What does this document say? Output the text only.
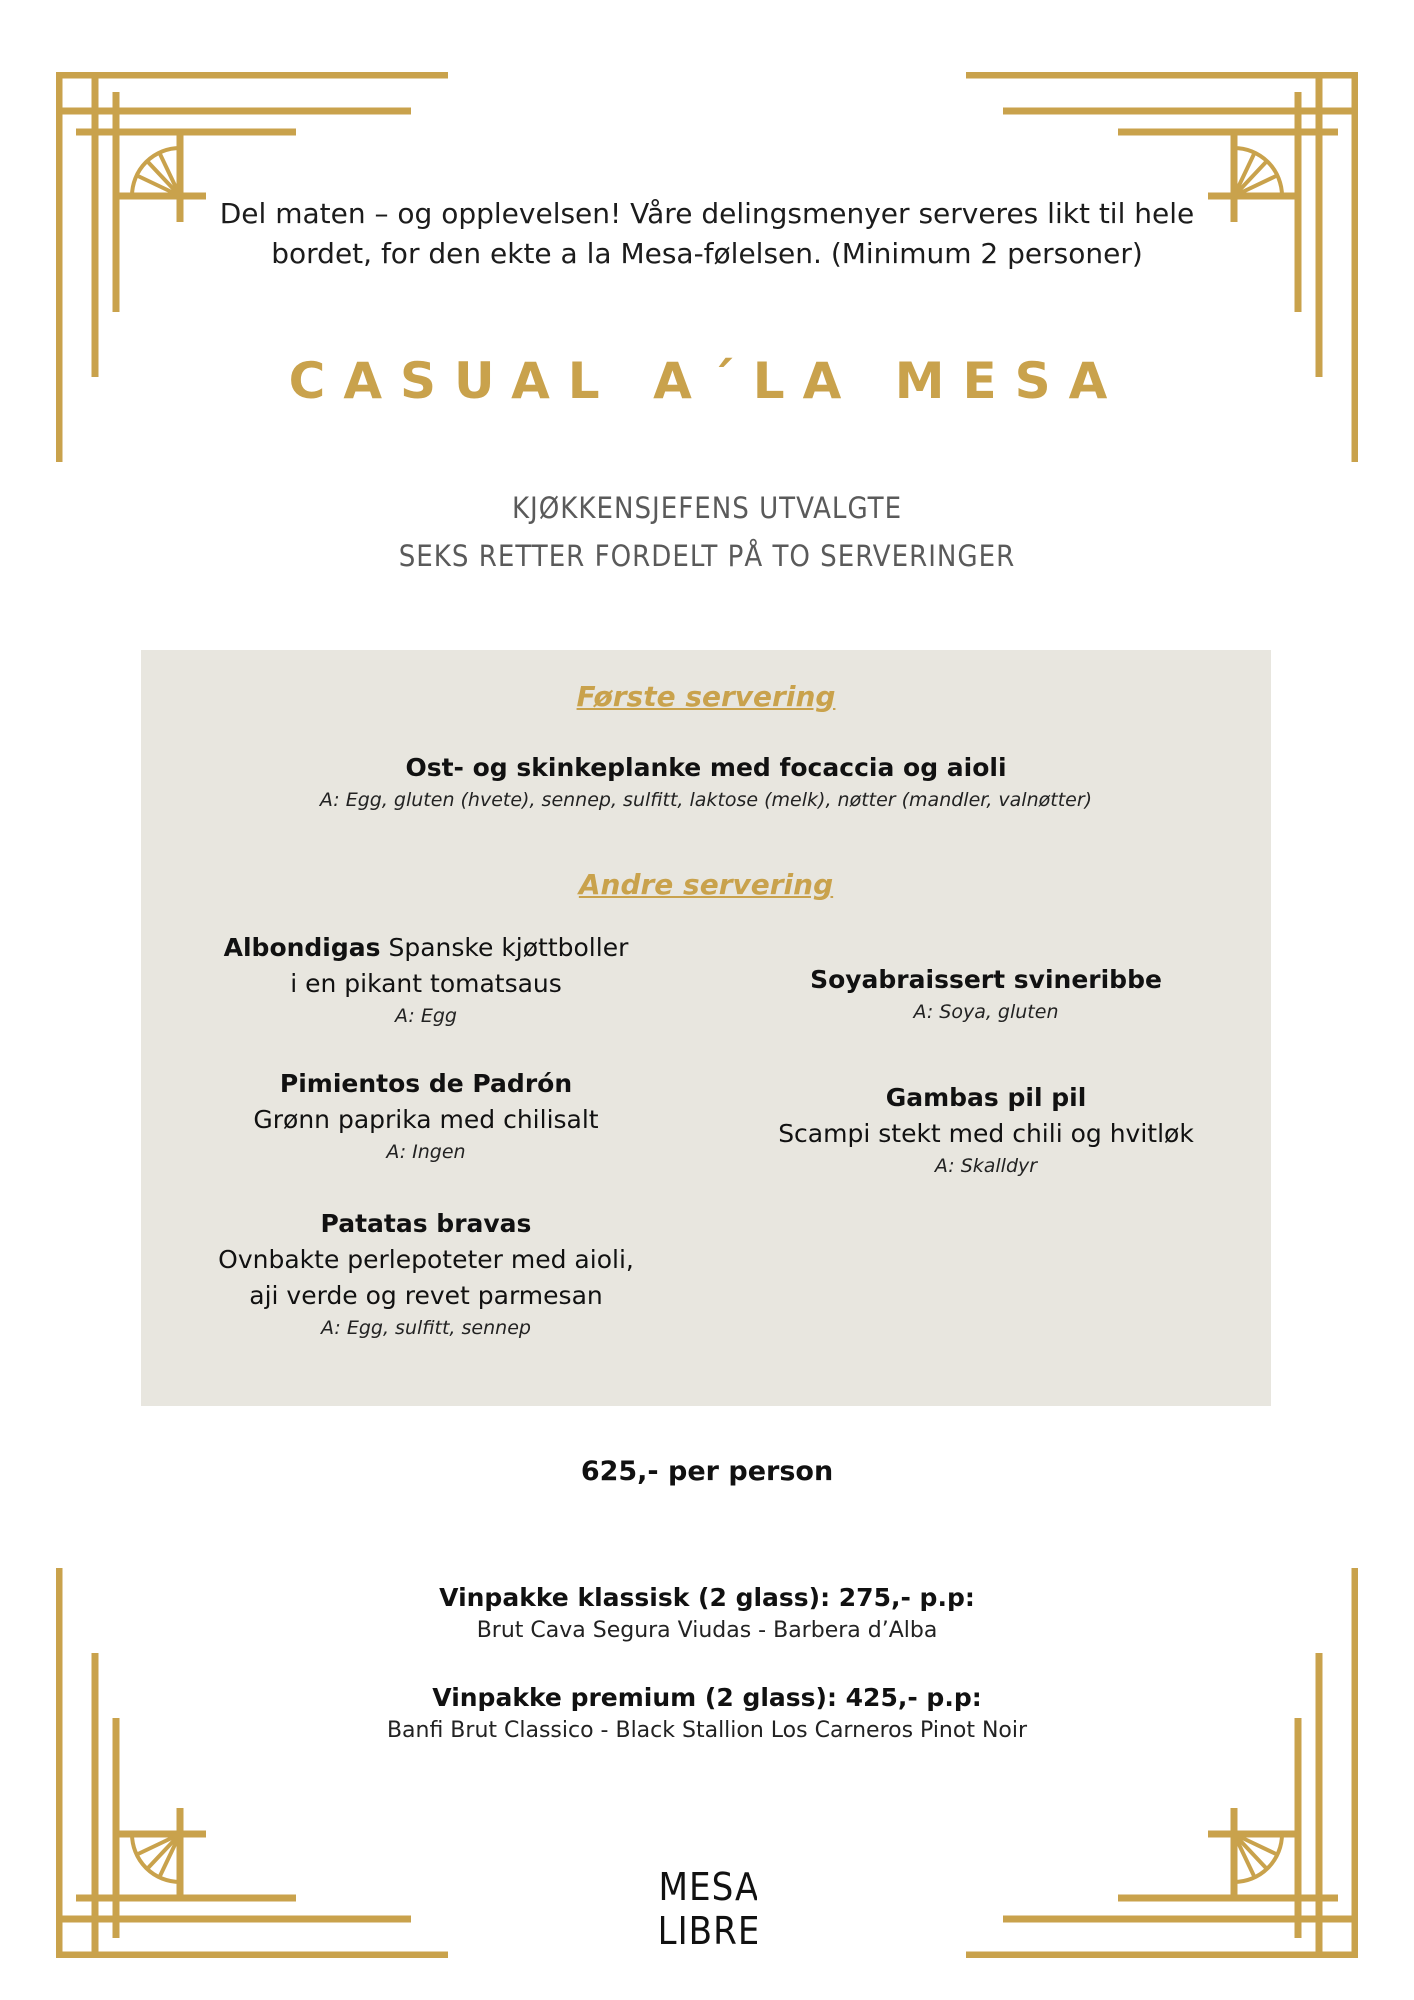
Del maten – og opplevelsen! Våre delingsmenyer serveres likt til hele bordet, for den ekte a la Mesa-følelsen. (Minimum 2 personer)
CASUAL A´LA MESA
KJØKKENSJEFENS UTVALGTE
SEKS RETTER FORDELT PÅ TO SERVERINGER
Første servering
Ost- og skinkeplanke med focaccia og aioli
A: Egg, gluten (hvete), sennep, sulfitt, laktose (melk), nøtter (mandler, valnøtter)
Andre servering
Albondigas Spanske kjøttboller
i en pikant tomatsaus
A: Egg
Pimientos de Padrón
Grønn paprika med chilisalt
A: Ingen
Patatas bravas
Ovnbakte perlepoteter med aioli,
aji verde og revet parmesan
A: Egg, sulfitt, sennep
Soyabraissert svineribbe
A: Soya, gluten
Gambas pil pil
Scampi stekt med chili og hvitløk
A: Skalldyr
625,- per person
Vinpakke klassisk (2 glass): 275,- p.p:
Brut Cava Segura Viudas - Barbera d’Alba
Vinpakke premium (2 glass): 425,- p.p:
Banfi Brut Classico - Black Stallion Los Carneros Pinot Noir
MESA
LIBRE
